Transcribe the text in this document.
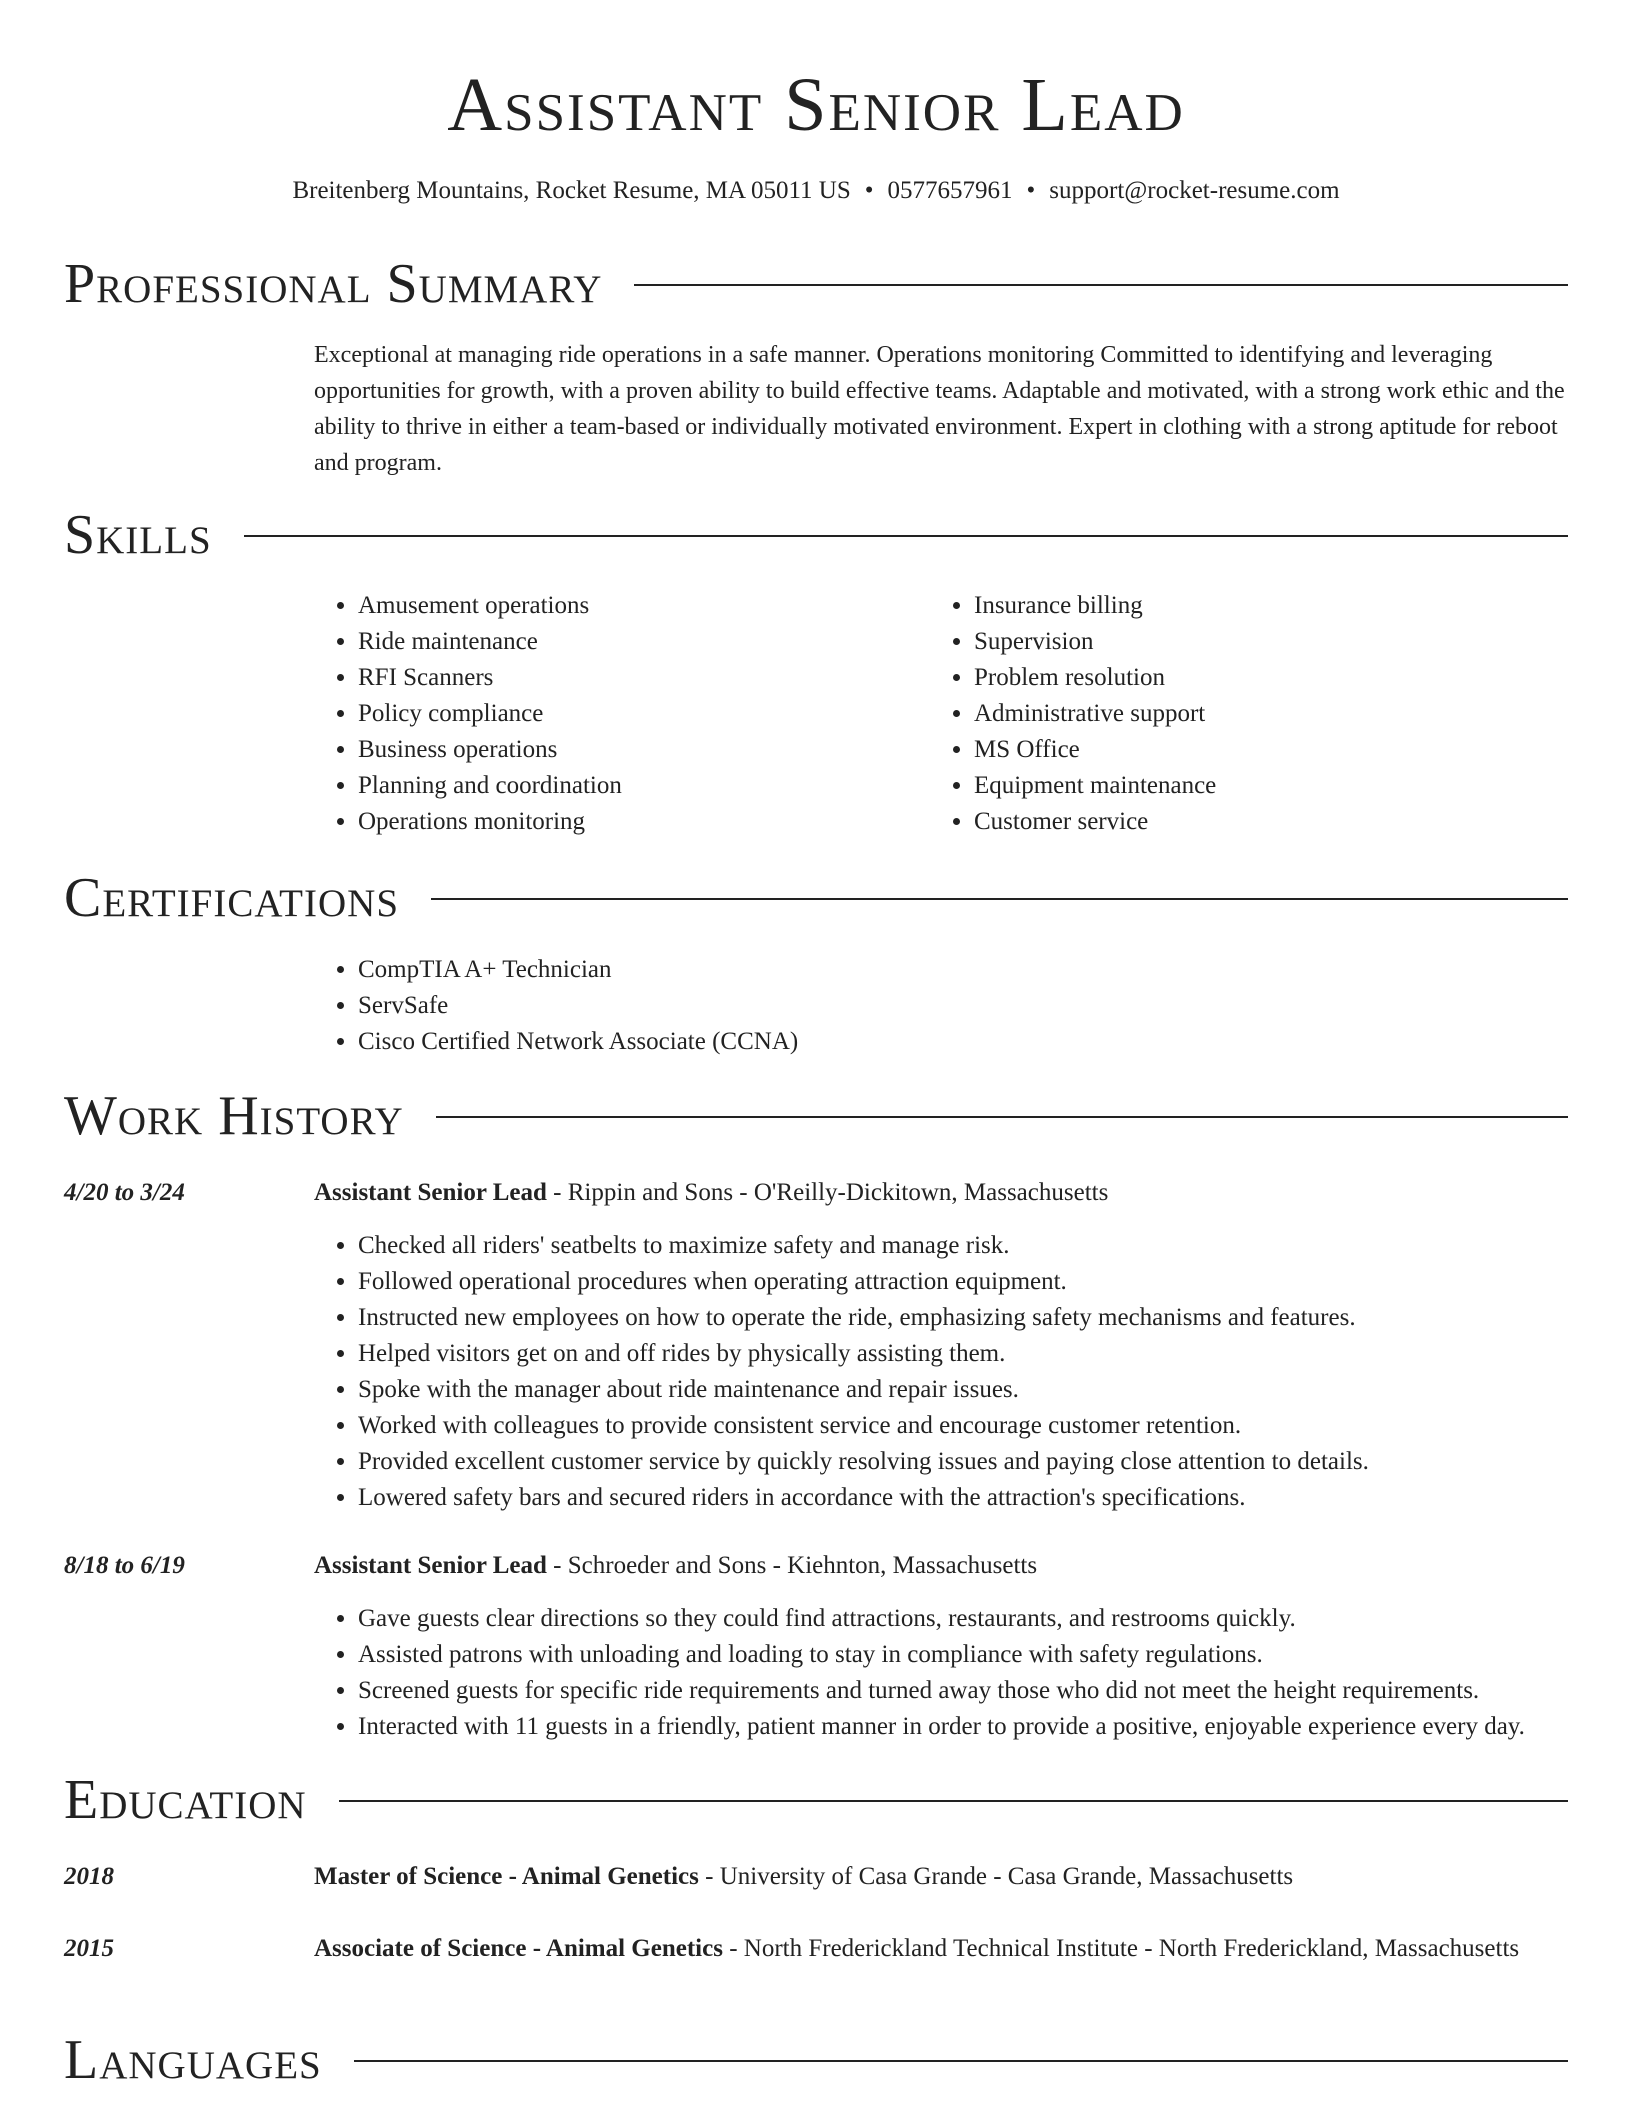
Assistant Senior Lead
Breitenberg Mountains, Rocket Resume, MA 05011 US • 0577657961 • support@rocket-resume.com
Professional Summary
Exceptional at managing ride operations in a safe manner. Operations monitoring Committed to identifying and leveraging opportunities for growth, with a proven ability to build effective teams. Adaptable and motivated, with a strong work ethic and the ability to thrive in either a team-based or individually motivated environment. Expert in clothing with a strong aptitude for reboot and program.
Skills
• Amusement operations
• Ride maintenance
• RFI Scanners
• Policy compliance
• Business operations
• Planning and coordination
• Operations monitoring
• Insurance billing
• Supervision
• Problem resolution
• Administrative support
• MS Office
• Equipment maintenance
• Customer service
Certifications
• CompTIA A+ Technician
• ServSafe
• Cisco Certified Network Associate (CCNA)
Work History
4/20 to 3/24	Assistant Senior Lead - Rippin and Sons - O'Reilly-Dickitown, Massachusetts
• Checked all riders' seatbelts to maximize safety and manage risk.
• Followed operational procedures when operating attraction equipment.
• Instructed new employees on how to operate the ride, emphasizing safety mechanisms and features.
• Helped visitors get on and off rides by physically assisting them.
• Spoke with the manager about ride maintenance and repair issues.
• Worked with colleagues to provide consistent service and encourage customer retention.
• Provided excellent customer service by quickly resolving issues and paying close attention to details.
• Lowered safety bars and secured riders in accordance with the attraction's specifications.
8/18 to 6/19	Assistant Senior Lead - Schroeder and Sons - Kiehnton, Massachusetts
• Gave guests clear directions so they could find attractions, restaurants, and restrooms quickly.
• Assisted patrons with unloading and loading to stay in compliance with safety regulations.
• Screened guests for specific ride requirements and turned away those who did not meet the height requirements.
• Interacted with 11 guests in a friendly, patient manner in order to provide a positive, enjoyable experience every day.
Education
2018	Master of Science - Animal Genetics - University of Casa Grande - Casa Grande, Massachusetts
2015	Associate of Science - Animal Genetics - North Frederickland Technical Institute - North Frederickland, Massachusetts
Languages
